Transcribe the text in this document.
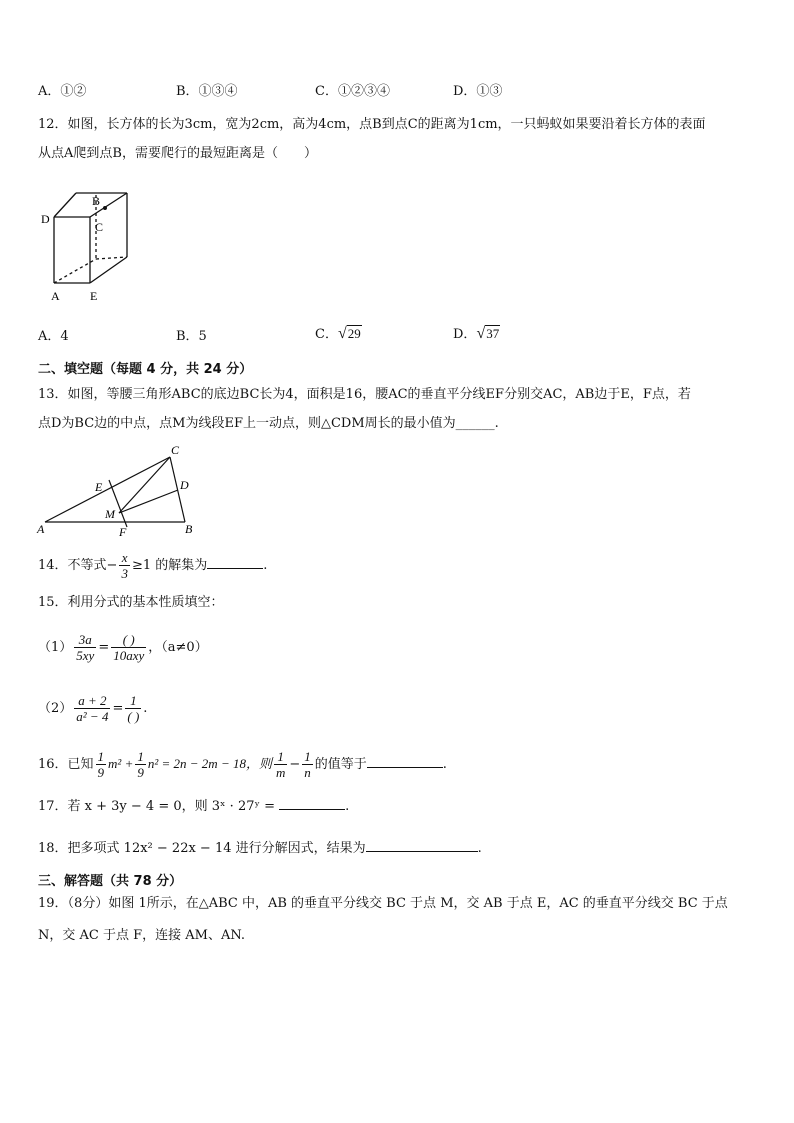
A．①②	B．①③④	C．①②③④	D．①③
12．如图，长方体的长为3cm，宽为2cm，高为4cm，点B到点C的距离为1cm，一只蚂蚁如果要沿着长方体的表面
从点A爬到点B，需要爬行的最短距离是（　　）
D
B
C
A	E
A．4	B．5	C．√29	D．√37
二、填空题（每题 4 分，共 24 分）
13．如图，等腰三角形ABC的底边BC长为4，面积是16，腰AC的垂直平分线EF分别交AC，AB边于E，F点，若
点D为BC边的中点，点M为线段EF上一动点，则△CDM周长的最小值为______.
C
E	D
M
A	F	B
14．不等式− $\frac{x}{3} \ge 1$ 的解集为	.
15．利用分式的基本性质填空：
$(1) \frac{3a}{5xy} = \frac{( )}{\text{10axy}}$ ，（a≠0）
$(2) \frac{a + 2}{\text{a² − 4}} = \frac{1}{( )}$ .
16．已知 $\frac{1}{9} m^2 + \frac{1}{9} n^2 = 2n - 2m - 18$，则 $\frac{1}{m} - \frac{1}{n}$ 的值等于	.
17．若 x + 3y − 4 = 0，则 3ˣ · 27ʸ =	.
18．把多项式 12x² − 22x − 14 进行分解因式，结果为	.
三、解答题（共 78 分）
19．（8分）如图 1所示，在△ABC 中，AB 的垂直平分线交 BC 于点 M，交 AB 于点 E，AC 的垂直平分线交 BC 于点
N，交 AC 于点 F，连接 AM、AN.
